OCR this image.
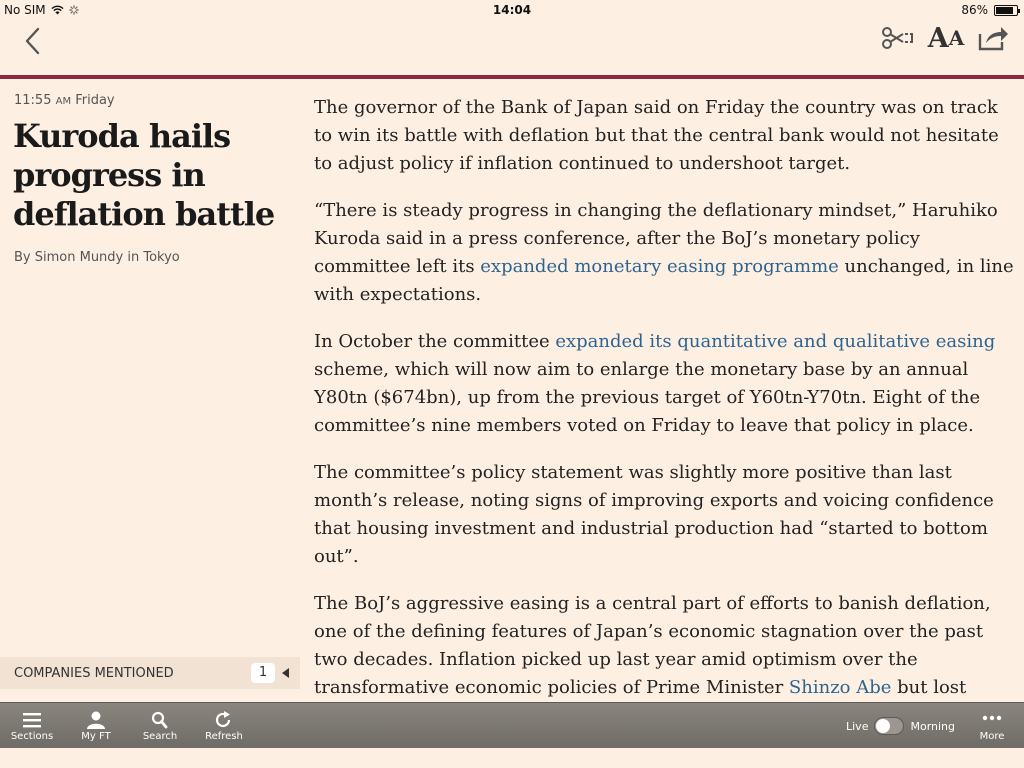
No SIM	14:04	86%
A A
11:55 AM Friday
Kuroda hails progress in deflation battle
By Simon Mundy in Tokyo
COMPANIES MENTIONED	1

The governor of the Bank of Japan said on Friday the country was on track to win its battle with deflation but that the central bank would not hesitate to adjust policy if inflation continued to undershoot target.

“There is steady progress in changing the deflationary mindset,” Haruhiko Kuroda said in a press conference, after the BoJ’s monetary policy committee left its expanded monetary easing programme unchanged, in line with expectations.

In October the committee expanded its quantitative and qualitative easing scheme, which will now aim to enlarge the monetary base by an annual Y80tn ($674bn), up from the previous target of Y60tn-Y70tn. Eight of the committee’s nine members voted on Friday to leave that policy in place.

The committee’s policy statement was slightly more positive than last month’s release, noting signs of improving exports and voicing confidence that housing investment and industrial production had “started to bottom out”.

The BoJ’s aggressive easing is a central part of efforts to banish deflation, one of the defining features of Japan’s economic stagnation over the past two decades. Inflation picked up last year amid optimism over the transformative economic policies of Prime Minister Shinzo Abe but lost

Sections	My FT	Search	Refresh
Live	Morning
More
